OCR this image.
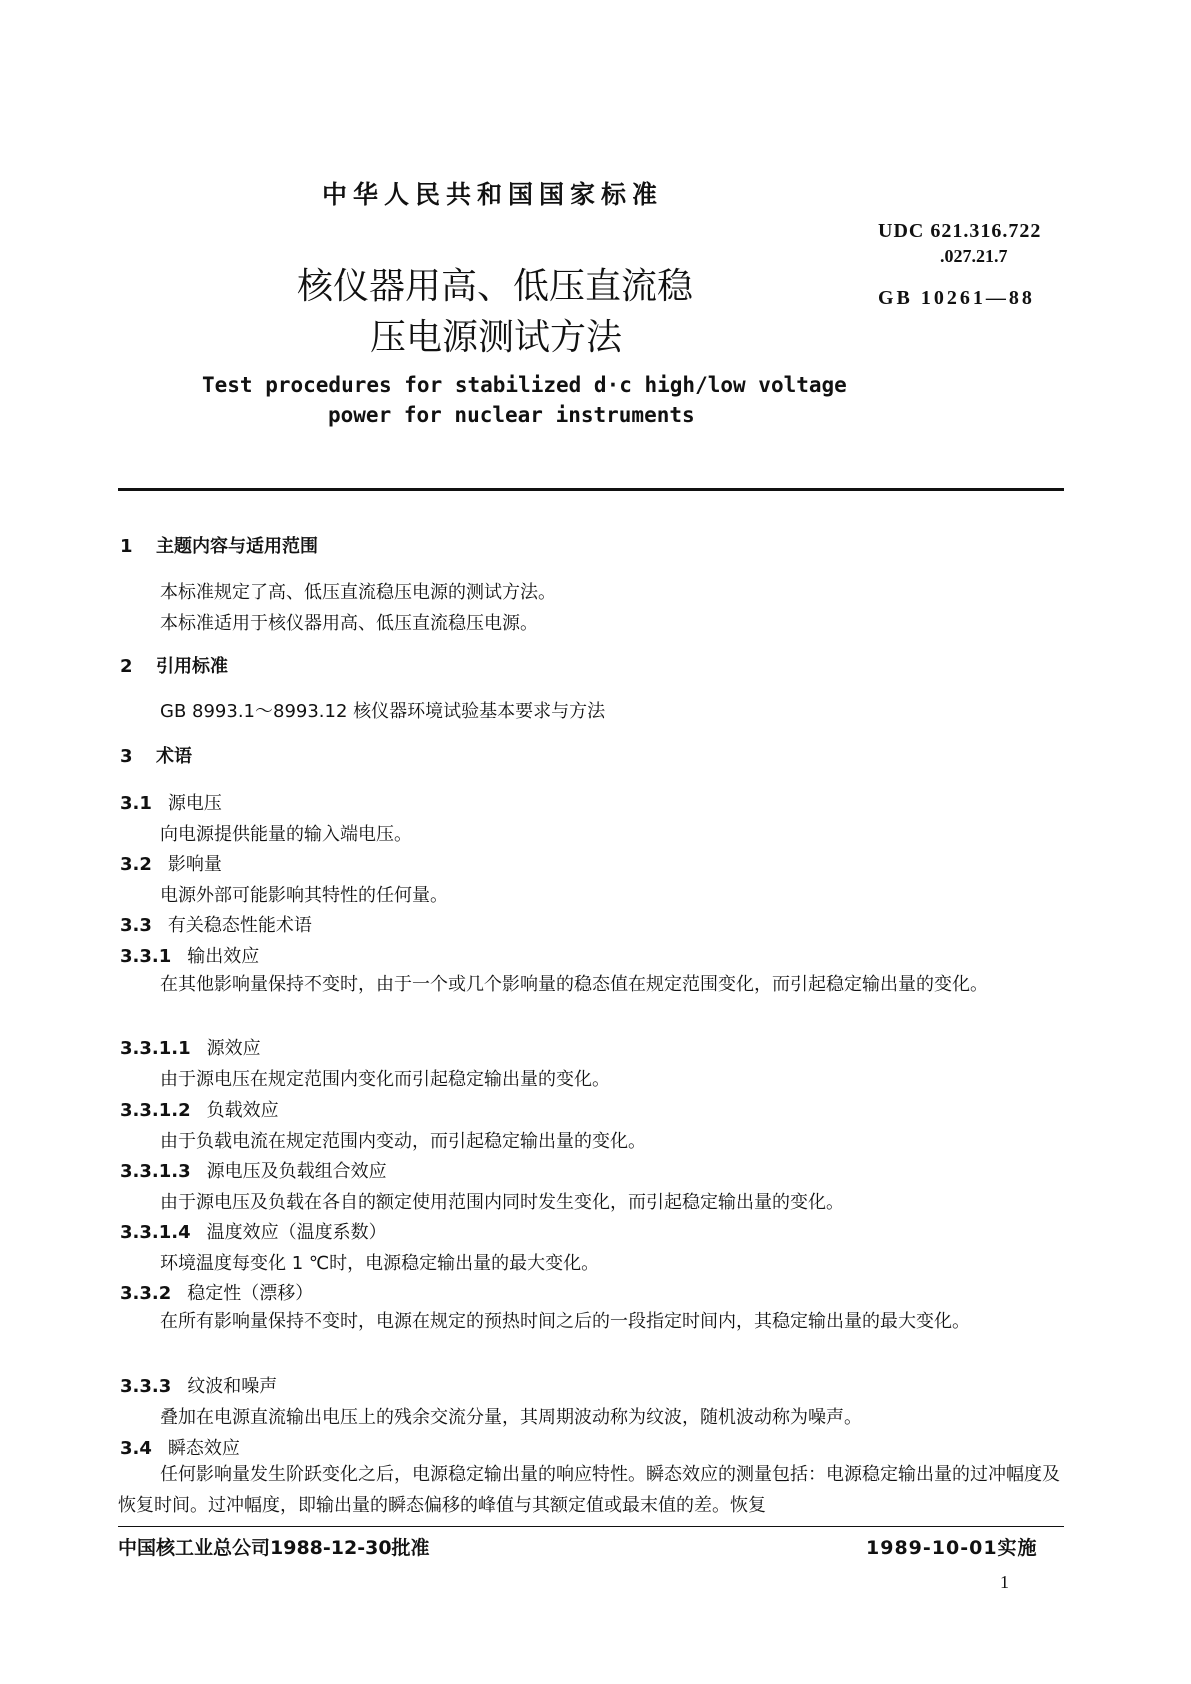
中华人民共和国国家标准
UDC 621.316.722
.027.21.7
GB 10261—88
核仪器用高、低压直流稳
压电源测试方法
Test procedures for stabilized d·c high/low voltage
power for nuclear instruments
1 主题内容与适用范围
本标准规定了高、低压直流稳压电源的测试方法。
本标准适用于核仪器用高、低压直流稳压电源。
2 引用标准
GB 8993.1～8993.12 核仪器环境试验基本要求与方法
3 术语
3.1 源电压
向电源提供能量的输入端电压。
3.2 影响量
电源外部可能影响其特性的任何量。
3.3 有关稳态性能术语
3.3.1 输出效应
在其他影响量保持不变时，由于一个或几个影响量的稳态值在规定范围变化，而引起稳定输出量的变化。
3.3.1.1 源效应
由于源电压在规定范围内变化而引起稳定输出量的变化。
3.3.1.2 负载效应
由于负载电流在规定范围内变动，而引起稳定输出量的变化。
3.3.1.3 源电压及负载组合效应
由于源电压及负载在各自的额定使用范围内同时发生变化，而引起稳定输出量的变化。
3.3.1.4 温度效应（温度系数）
环境温度每变化 1 ℃时，电源稳定输出量的最大变化。
3.3.2 稳定性（漂移）
在所有影响量保持不变时，电源在规定的预热时间之后的一段指定时间内，其稳定输出量的最大变化。
3.3.3 纹波和噪声
叠加在电源直流输出电压上的残余交流分量，其周期波动称为纹波，随机波动称为噪声。
3.4 瞬态效应
任何影响量发生阶跃变化之后，电源稳定输出量的响应特性。瞬态效应的测量包括：电源稳定输出量的过冲幅度及恢复时间。过冲幅度，即输出量的瞬态偏移的峰值与其额定值或最末值的差。恢复
中国核工业总公司1988-12-30批准	1989-10-01实施
1
